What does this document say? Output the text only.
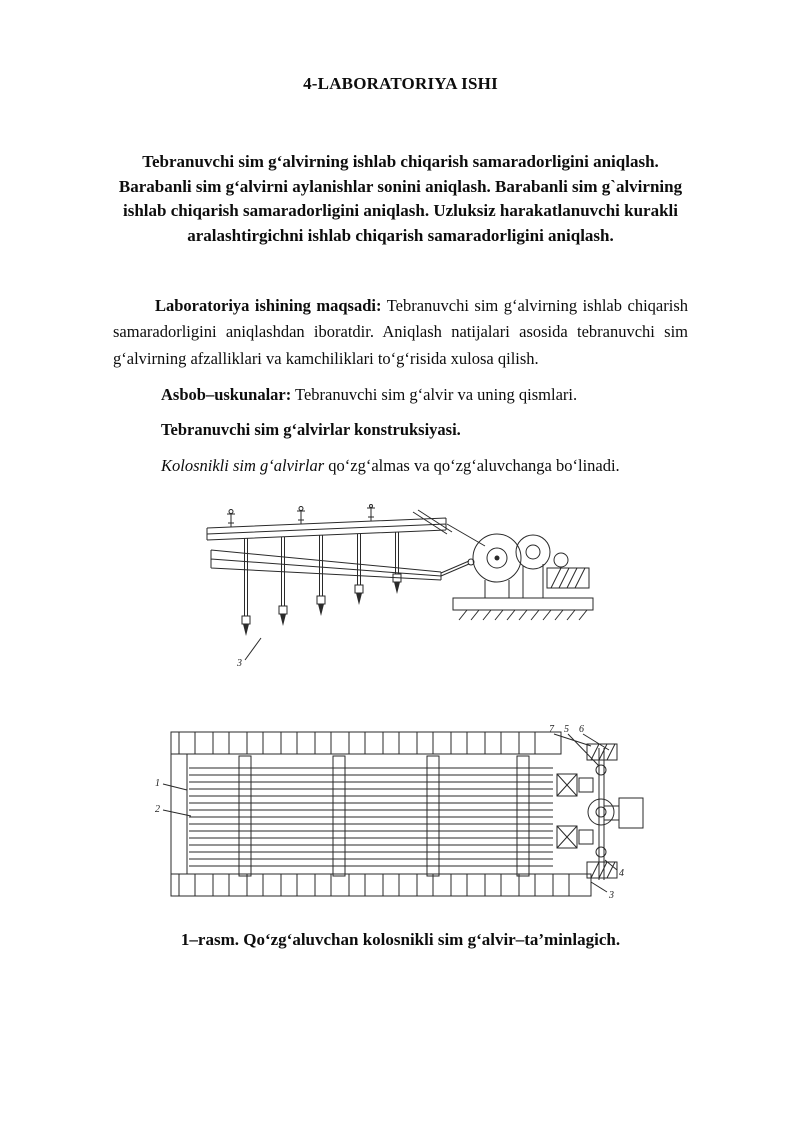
4-LABORATORIYA ISHI

Tebranuvchi sim g‘alvirning ishlab chiqarish samaradorligini aniqlash. Barabanli sim g‘alvirni aylanishlar sonini aniqlash. Barabanli sim g`alvirning ishlab chiqarish samaradorligini aniqlash. Uzluksiz harakatlanuvchi kurakli aralashtirgichni ishlab chiqarish samaradorligini aniqlash.

Laboratoriya ishining maqsadi: Tebranuvchi sim g‘alvirning ishlab chiqarish samaradorligini aniqlashdan iboratdir. Aniqlash natijalari asosida tebranuvchi sim g‘alvirning afzalliklari va kamchiliklari to‘g‘risida xulosa qilish.

Asbob–uskunalar: Tebranuvchi sim g‘alvir va uning qismlari.

Tebranuvchi sim g‘alvirlar konstruksiyasi.

Kolosnikli sim g‘alvirlar qo‘zg‘almas va qo‘zg‘aluvchanga bo‘linadi.

3
7 5 6
1
2
4
3

1–rasm. Qo‘zg‘aluvchan kolosnikli sim g‘alvir–ta’minlagich.
